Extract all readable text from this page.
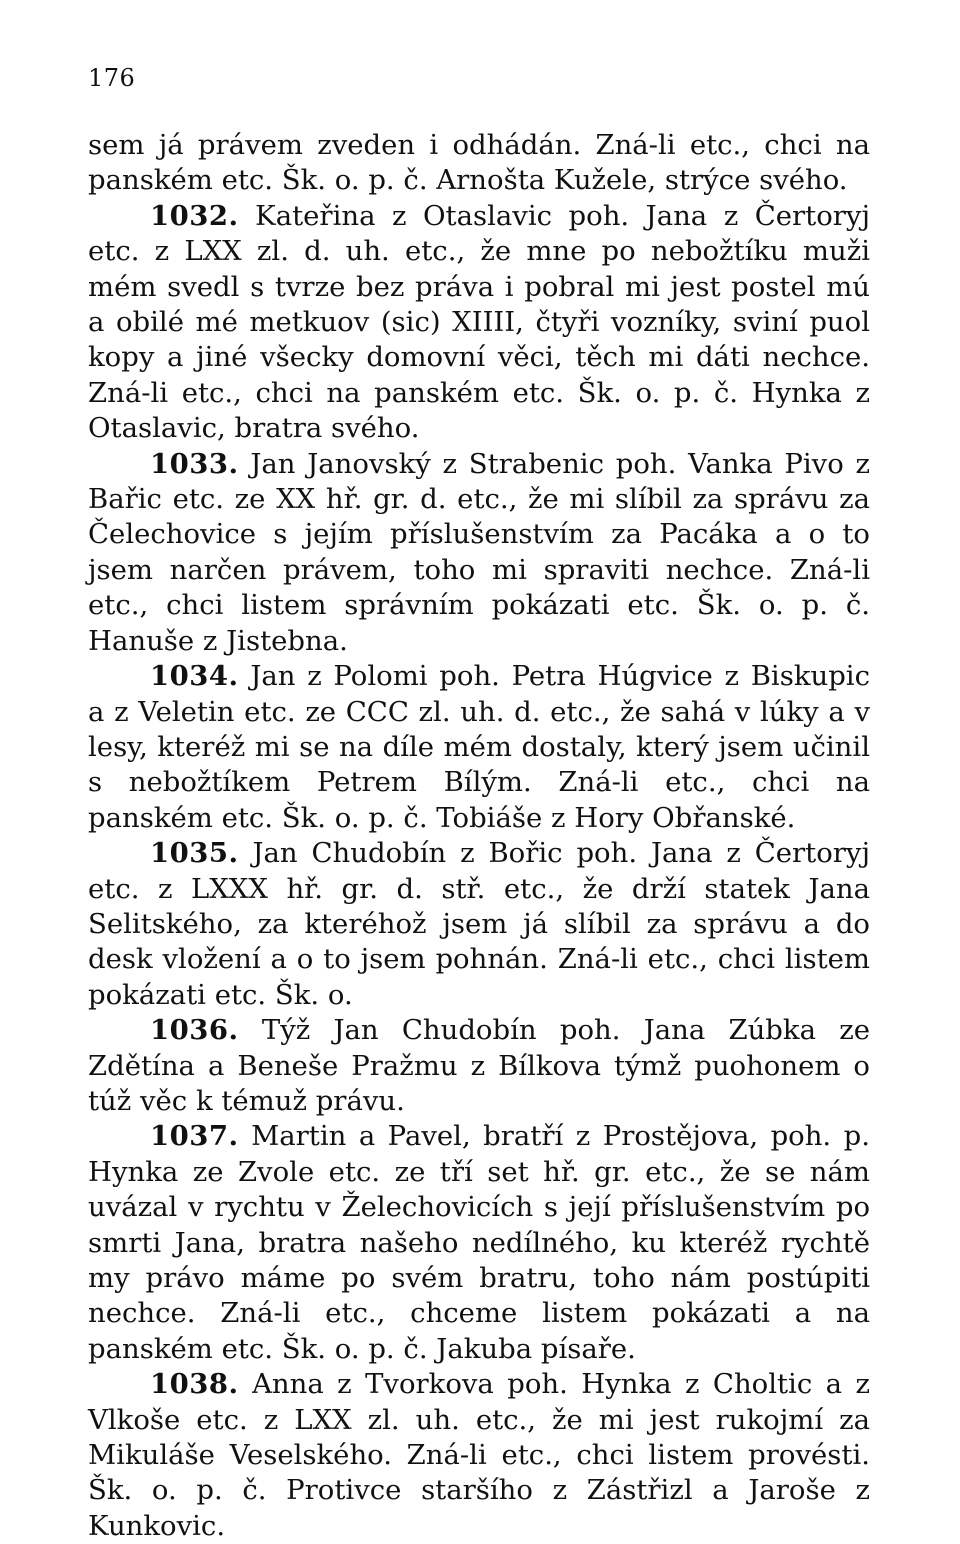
176

sem já právem zveden i odhádán. Zná-li etc., chci na panském etc. Šk. o. p. č. Arnošta Kužele, strýce svého.

1032. Kateřina z Otaslavic poh. Jana z Čertoryj etc. z LXX zl. d. uh. etc., že mne po nebožtíku muži mém svedl s tvrze bez práva i pobral mi jest postel mú a obilé mé metkuov (sic) XIIII, čtyři vozníky, sviní puol kopy a jiné všecky domovní věci, těch mi dáti nechce. Zná-li etc., chci na panském etc. Šk. o. p. č. Hynka z Otaslavic, bratra svého.

1033. Jan Janovský z Strabenic poh. Vanka Pivo z Bařic etc. ze XX hř. gr. d. etc., že mi slíbil za správu za Čelechovice s jejím příslušenstvím za Pacáka a o to jsem narčen právem, toho mi spraviti nechce. Zná-li etc., chci listem správním pokázati etc. Šk. o. p. č. Hanuše z Jistebna.

1034. Jan z Polomi poh. Petra Húgvice z Biskupic a z Veletin etc. ze CCC zl. uh. d. etc., že sahá v lúky a v lesy, kteréž mi se na díle mém dostaly, který jsem učinil s nebožtíkem Petrem Bílým. Zná-li etc., chci na panském etc. Šk. o. p. č. Tobiáše z Hory Obřanské.

1035. Jan Chudobín z Bořic poh. Jana z Čertoryj etc. z LXXX hř. gr. d. stř. etc., že drží statek Jana Selitského, za kteréhož jsem já slíbil za správu a do desk vložení a o to jsem pohnán. Zná-li etc., chci listem pokázati etc. Šk. o.

1036. Týž Jan Chudobín poh. Jana Zúbka ze Zdětína a Beneše Pražmu z Bílkova týmž puohonem o túž věc k témuž právu.

1037. Martin a Pavel, bratří z Prostějova, poh. p. Hynka ze Zvole etc. ze tří set hř. gr. etc., že se nám uvázal v rychtu v Želechovicích s její příslušenstvím po smrti Jana, bratra našeho nedílného, ku kteréž rychtě my právo máme po svém bratru, toho nám postúpiti nechce. Zná-li etc., chceme listem pokázati a na panském etc. Šk. o. p. č. Jakuba písaře.

1038. Anna z Tvorkova poh. Hynka z Choltic a z Vlkoše etc. z LXX zl. uh. etc., že mi jest rukojmí za Mikuláše Veselského. Zná-li etc., chci listem provésti. Šk. o. p. č. Protivce staršího z Zástřizl a Jaroše z Kunkovic.
